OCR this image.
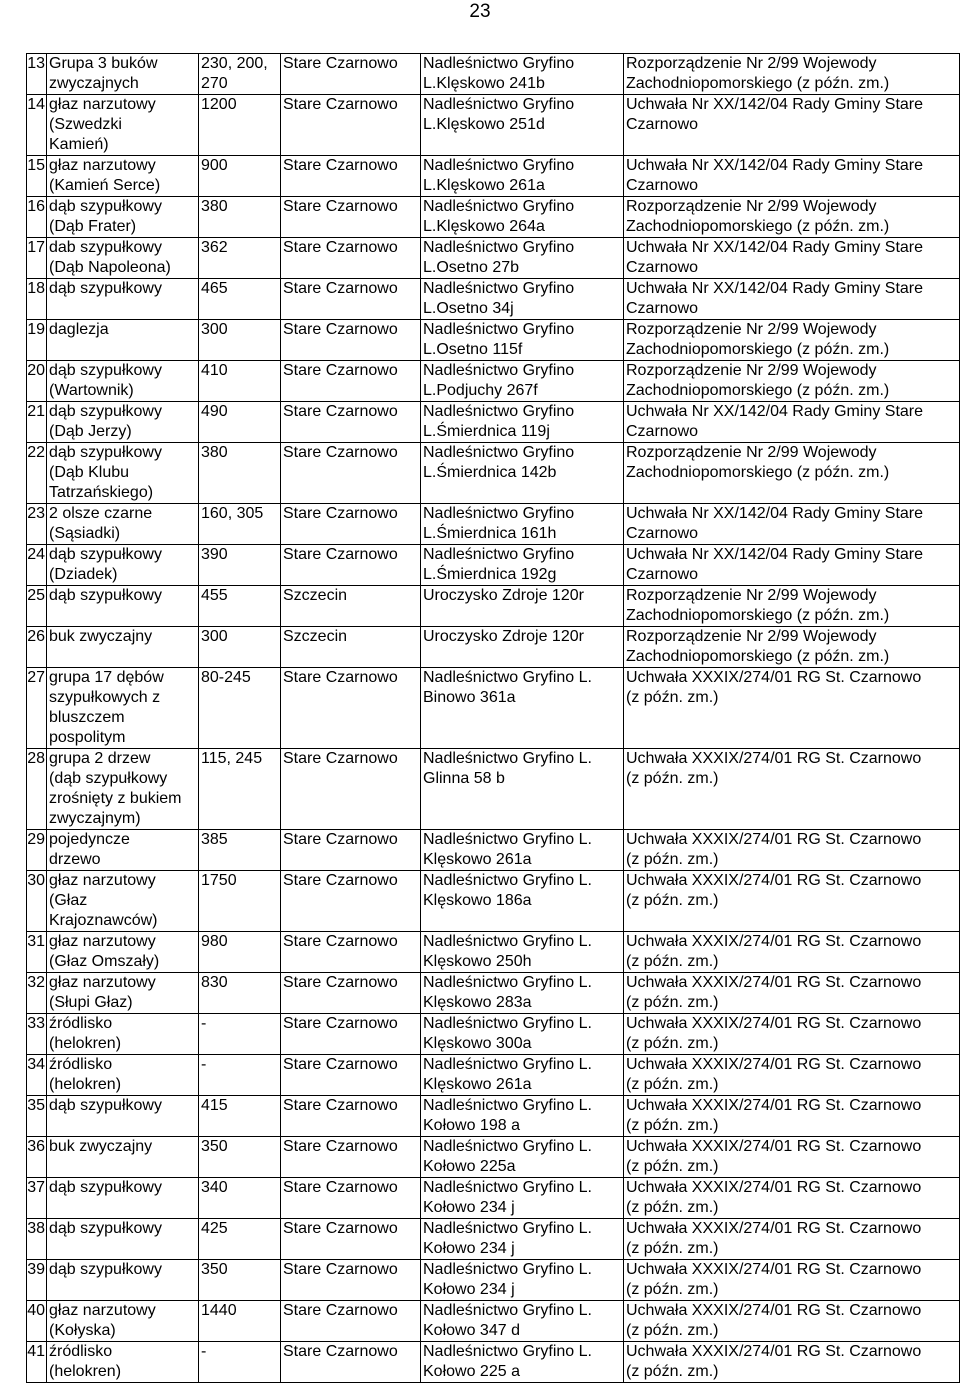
23
13	Grupa 3 buków
zwyczajnych	230, 200,
270	Stare Czarnowo	Nadleśnictwo Gryfino
L.Klęskowo 241b	Rozporządzenie Nr 2/99 Wojewody
Zachodniopomorskiego (z późn. zm.)
14	głaz narzutowy
(Szwedzki
Kamień)	1200	Stare Czarnowo	Nadleśnictwo Gryfino
L.Klęskowo 251d	Uchwała Nr XX/142/04 Rady Gminy Stare
Czarnowo
15	głaz narzutowy
(Kamień Serce)	900	Stare Czarnowo	Nadleśnictwo Gryfino
L.Klęskowo 261a	Uchwała Nr XX/142/04 Rady Gminy Stare
Czarnowo
16	dąb szypułkowy
(Dąb Frater)	380	Stare Czarnowo	Nadleśnictwo Gryfino
L.Klęskowo 264a	Rozporządzenie Nr 2/99 Wojewody
Zachodniopomorskiego (z późn. zm.)
17	dab szypułkowy
(Dąb Napoleona)	362	Stare Czarnowo	Nadleśnictwo Gryfino
L.Osetno 27b	Uchwała Nr XX/142/04 Rady Gminy Stare
Czarnowo
18	dąb szypułkowy	465	Stare Czarnowo	Nadleśnictwo Gryfino
L.Osetno 34j	Uchwała Nr XX/142/04 Rady Gminy Stare
Czarnowo
19	daglezja	300	Stare Czarnowo	Nadleśnictwo Gryfino
L.Osetno 115f	Rozporządzenie Nr 2/99 Wojewody
Zachodniopomorskiego (z późn. zm.)
20	dąb szypułkowy
(Wartownik)	410	Stare Czarnowo	Nadleśnictwo Gryfino
L.Podjuchy 267f	Rozporządzenie Nr 2/99 Wojewody
Zachodniopomorskiego (z późn. zm.)
21	dąb szypułkowy
(Dąb Jerzy)	490	Stare Czarnowo	Nadleśnictwo Gryfino
L.Śmierdnica 119j	Uchwała Nr XX/142/04 Rady Gminy Stare
Czarnowo
22	dąb szypułkowy
(Dąb Klubu
Tatrzańskiego)	380	Stare Czarnowo	Nadleśnictwo Gryfino
L.Śmierdnica 142b	Rozporządzenie Nr 2/99 Wojewody
Zachodniopomorskiego (z późn. zm.)
23	2 olsze czarne
(Sąsiadki)	160, 305	Stare Czarnowo	Nadleśnictwo Gryfino
L.Śmierdnica 161h	Uchwała Nr XX/142/04 Rady Gminy Stare
Czarnowo
24	dąb szypułkowy
(Dziadek)	390	Stare Czarnowo	Nadleśnictwo Gryfino
L.Śmierdnica 192g	Uchwała Nr XX/142/04 Rady Gminy Stare
Czarnowo
25	dąb szypułkowy	455	Szczecin	Uroczysko Zdroje 120r	Rozporządzenie Nr 2/99 Wojewody
Zachodniopomorskiego (z późn. zm.)
26	buk zwyczajny	300	Szczecin	Uroczysko Zdroje 120r	Rozporządzenie Nr 2/99 Wojewody
Zachodniopomorskiego (z późn. zm.)
27	grupa 17 dębów
szypułkowych z
bluszczem
pospolitym	80-245	Stare Czarnowo	Nadleśnictwo Gryfino L.
Binowo 361a	Uchwała XXXIX/274/01 RG St. Czarnowo
(z późn. zm.)
28	grupa 2 drzew
(dąb szypułkowy
zrośnięty z bukiem
zwyczajnym)	115, 245	Stare Czarnowo	Nadleśnictwo Gryfino L.
Glinna 58 b	Uchwała XXXIX/274/01 RG St. Czarnowo
(z późn. zm.)
29	pojedyncze
drzewo	385	Stare Czarnowo	Nadleśnictwo Gryfino L.
Klęskowo 261a	Uchwała XXXIX/274/01 RG St. Czarnowo
(z późn. zm.)
30	głaz narzutowy
(Głaz
Krajoznawców)	1750	Stare Czarnowo	Nadleśnictwo Gryfino L.
Klęskowo 186a	Uchwała XXXIX/274/01 RG St. Czarnowo
(z późn. zm.)
31	głaz narzutowy
(Głaz Omszały)	980	Stare Czarnowo	Nadleśnictwo Gryfino L.
Klęskowo 250h	Uchwała XXXIX/274/01 RG St. Czarnowo
(z późn. zm.)
32	głaz narzutowy
(Słupi Głaz)	830	Stare Czarnowo	Nadleśnictwo Gryfino L.
Klęskowo 283a	Uchwała XXXIX/274/01 RG St. Czarnowo
(z późn. zm.)
33	źródlisko
(helokren)	-	Stare Czarnowo	Nadleśnictwo Gryfino L.
Klęskowo 300a	Uchwała XXXIX/274/01 RG St. Czarnowo
(z późn. zm.)
34	źródlisko
(helokren)	-	Stare Czarnowo	Nadleśnictwo Gryfino L.
Klęskowo 261a	Uchwała XXXIX/274/01 RG St. Czarnowo
(z późn. zm.)
35	dąb szypułkowy	415	Stare Czarnowo	Nadleśnictwo Gryfino L.
Kołowo 198 a	Uchwała XXXIX/274/01 RG St. Czarnowo
(z późn. zm.)
36	buk zwyczajny	350	Stare Czarnowo	Nadleśnictwo Gryfino L.
Kołowo 225a	Uchwała XXXIX/274/01 RG St. Czarnowo
(z późn. zm.)
37	dąb szypułkowy	340	Stare Czarnowo	Nadleśnictwo Gryfino L.
Kołowo 234 j	Uchwała XXXIX/274/01 RG St. Czarnowo
(z późn. zm.)
38	dąb szypułkowy	425	Stare Czarnowo	Nadleśnictwo Gryfino L.
Kołowo 234 j	Uchwała XXXIX/274/01 RG St. Czarnowo
(z późn. zm.)
39	dąb szypułkowy	350	Stare Czarnowo	Nadleśnictwo Gryfino L.
Kołowo 234 j	Uchwała XXXIX/274/01 RG St. Czarnowo
(z późn. zm.)
40	głaz narzutowy
(Kołyska)	1440	Stare Czarnowo	Nadleśnictwo Gryfino L.
Kołowo 347 d	Uchwała XXXIX/274/01 RG St. Czarnowo
(z późn. zm.)
41	źródlisko
(helokren)	-	Stare Czarnowo	Nadleśnictwo Gryfino L.
Kołowo 225 a	Uchwała XXXIX/274/01 RG St. Czarnowo
(z późn. zm.)
